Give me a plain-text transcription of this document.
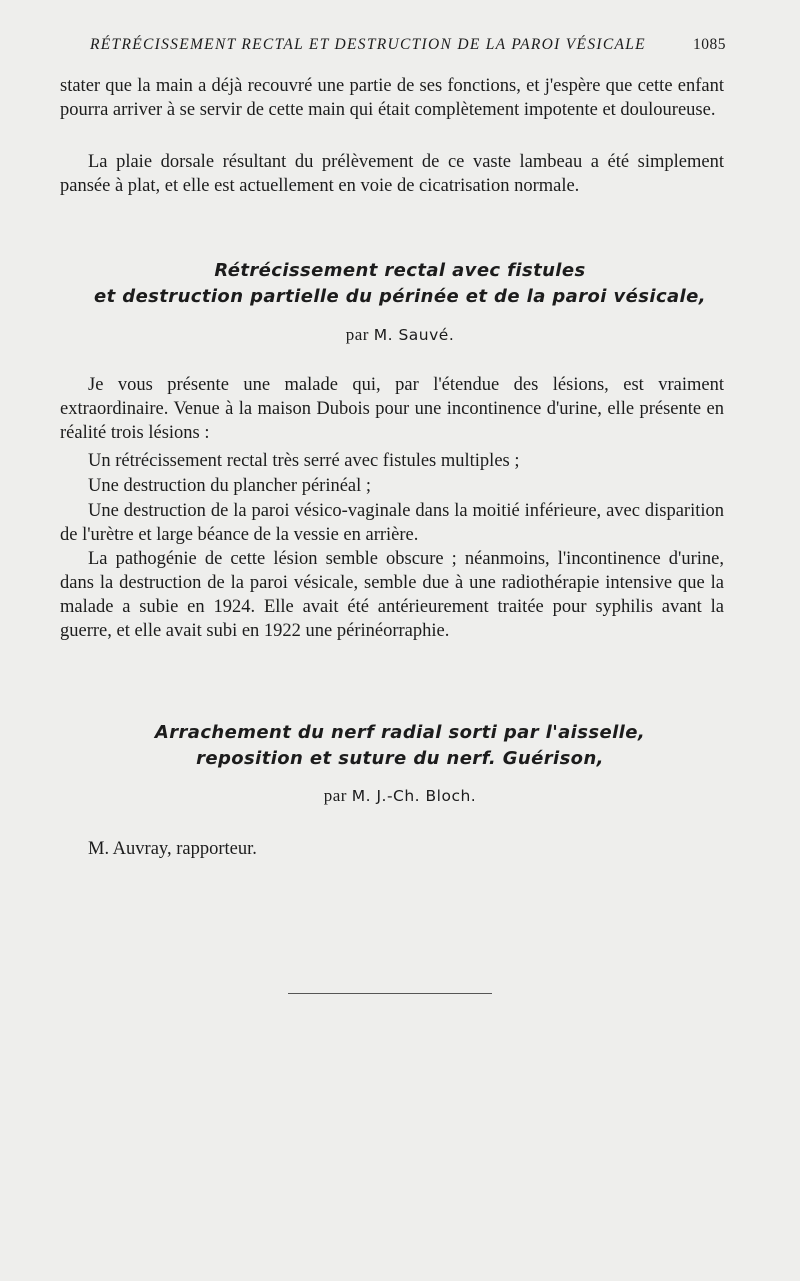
RÉTRÉCISSEMENT RECTAL ET DESTRUCTION DE LA PAROI VÉSICALE	1085

stater que la main a déjà recouvré une partie de ses fonctions, et j'espère que cette enfant pourra arriver à se servir de cette main qui était complètement impotente et douloureuse.

La plaie dorsale résultant du prélèvement de ce vaste lambeau a été simplement pansée à plat, et elle est actuellement en voie de cicatrisation normale.

Rétrécissement rectal avec fistules
et destruction partielle du périnée et de la paroi vésicale,
par M. Sauvé.

Je vous présente une malade qui, par l'étendue des lésions, est vraiment extraordinaire. Venue à la maison Dubois pour une incontinence d'urine, elle présente en réalité trois lésions :

Un rétrécissement rectal très serré avec fistules multiples ;

Une destruction du plancher périnéal ;

Une destruction de la paroi vésico-vaginale dans la moitié inférieure, avec disparition de l'urètre et large béance de la vessie en arrière.

La pathogénie de cette lésion semble obscure ; néanmoins, l'incontinence d'urine, dans la destruction de la paroi vésicale, semble due à une radiothérapie intensive que la malade a subie en 1924. Elle avait été antérieurement traitée pour syphilis avant la guerre, et elle avait subi en 1922 une périnéorraphie.

Arrachement du nerf radial sorti par l'aisselle,
reposition et suture du nerf. Guérison,
par M. J.-Ch. Bloch.

M. Auvray, rapporteur.
